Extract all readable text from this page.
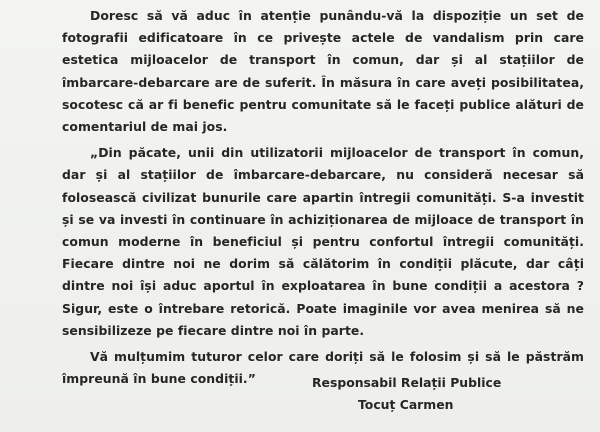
Doresc să vă aduc în atenție punându-vă la dispoziție un set de fotografii edificatoare în ce privește actele de vandalism prin care estetica mijloacelor de transport în comun, dar și al stațiilor de îmbarcare-debarcare are de suferit. În măsura în care aveți posibilitatea, socotesc că ar fi benefic pentru comunitate să le faceți publice alături de comentariul de mai jos.

„Din păcate, unii din utilizatorii mijloacelor de transport în comun, dar și al stațiilor de îmbarcare-debarcare, nu consideră necesar să folosească civilizat bunurile care apartin întregii comunități. S-a investit și se va investi în continuare în achiziționarea de mijloace de transport în comun moderne în beneficiul și pentru confortul întregii comunități. Fiecare dintre noi ne dorim să călătorim în condiții plăcute, dar câți dintre noi își aduc aportul în exploatarea în bune condiții a acestora ? Sigur, este o întrebare retorică. Poate imaginile vor avea menirea să ne sensibilizeze pe fiecare dintre noi în parte.

Vă mulțumim tuturor celor care doriți să le folosim și să le păstrăm împreună în bune condiții.”	Responsabil Relații Publice

Tocuț Carmen
